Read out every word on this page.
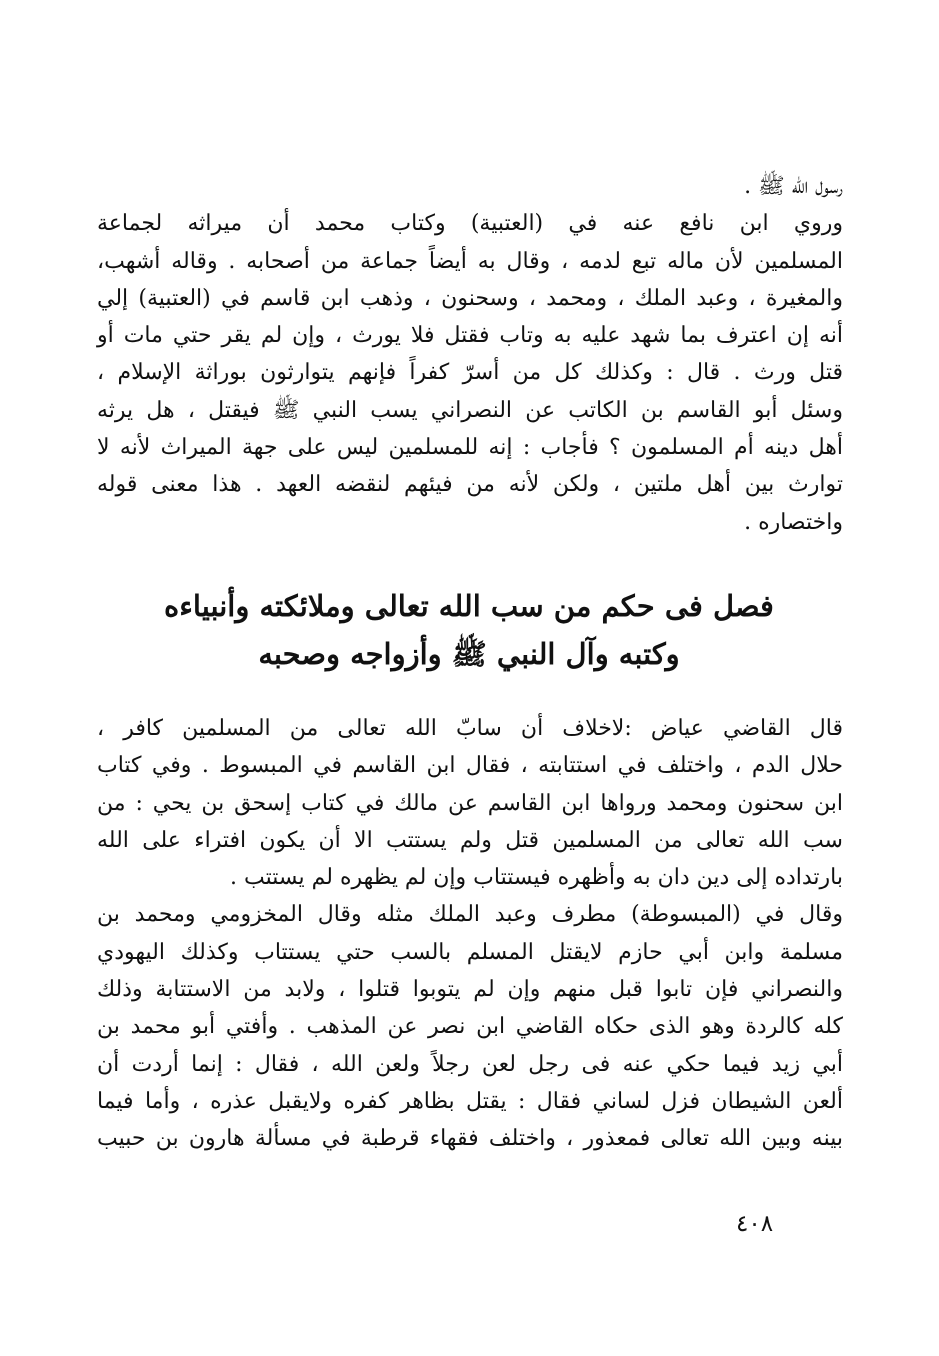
رسول الله ﷺ .
وروي ابن نافع عنه في (العتبية) وكتاب محمد أن ميراثه لجماعة
المسلمين لأن ماله تبع لدمه ، وقال به أيضاً جماعة من أصحابه . وقاله أشهب،
والمغيرة ، وعبد الملك ، ومحمد ، وسحنون ، وذهب ابن قاسم في (العتبية) إلي
أنه إن اعترف بما شهد عليه به وتاب فقتل فلا يورث ، وإن لم يقر حتي مات أو
قتل ورث . قال : وكذلك كل من أسرّ كفراً فإنهم يتوارثون بوراثة الإسلام ،
وسئل أبو القاسم بن الكاتب عن النصراني يسب النبي ﷺ فيقتل ، هل يرثه
أهل دينه أم المسلمون ؟ فأجاب : إنه للمسلمين ليس على جهة الميراث لأنه لا
توارث بين أهل ملتين ، ولكن لأنه من فيئهم لنقضه العهد . هذا معنى قوله
واختصاره .
فصل فى حكم من سب الله تعالى وملائكته وأنبياءه
وكتبه وآل النبي ﷺ وأزواجه وصحبه
قال القاضي عياض :لاخلاف أن سابّ الله تعالى من المسلمين كافر ،
حلال الدم ، واختلف في استتابته ، فقال ابن القاسم في المبسوط . وفي كتاب
ابن سحنون ومحمد ورواها ابن القاسم عن مالك في كتاب إسحق بن يحي : من
سب الله تعالى من المسلمين قتل ولم يستتب الا أن يكون افتراء على الله
بارتداده إلى دين دان به وأظهره فيستتاب وإن لم يظهره لم يستتب .
وقال في (المبسوطة) مطرف وعبد الملك مثله وقال المخزومي ومحمد بن
مسلمة وابن أبي حازم لايقتل المسلم بالسب حتي يستتاب وكذلك اليهودي
والنصراني فإن تابوا قبل منهم وإن لم يتوبوا قتلوا ، ولابد من الاستتابة وذلك
كله كالردة وهو الذى حكاه القاضي ابن نصر عن المذهب . وأفتي أبو محمد بن
أبي زيد فيما حكي عنه فى رجل لعن رجلاً ولعن الله ، فقال : إنما أردت أن
ألعن الشيطان فزل لساني فقال : يقتل بظاهر كفره ولايقبل عذره ، وأما فيما
بينه وبين الله تعالى فمعذور ، واختلف فقهاء قرطبة في مسألة هارون بن حبيب
٤٠٨
